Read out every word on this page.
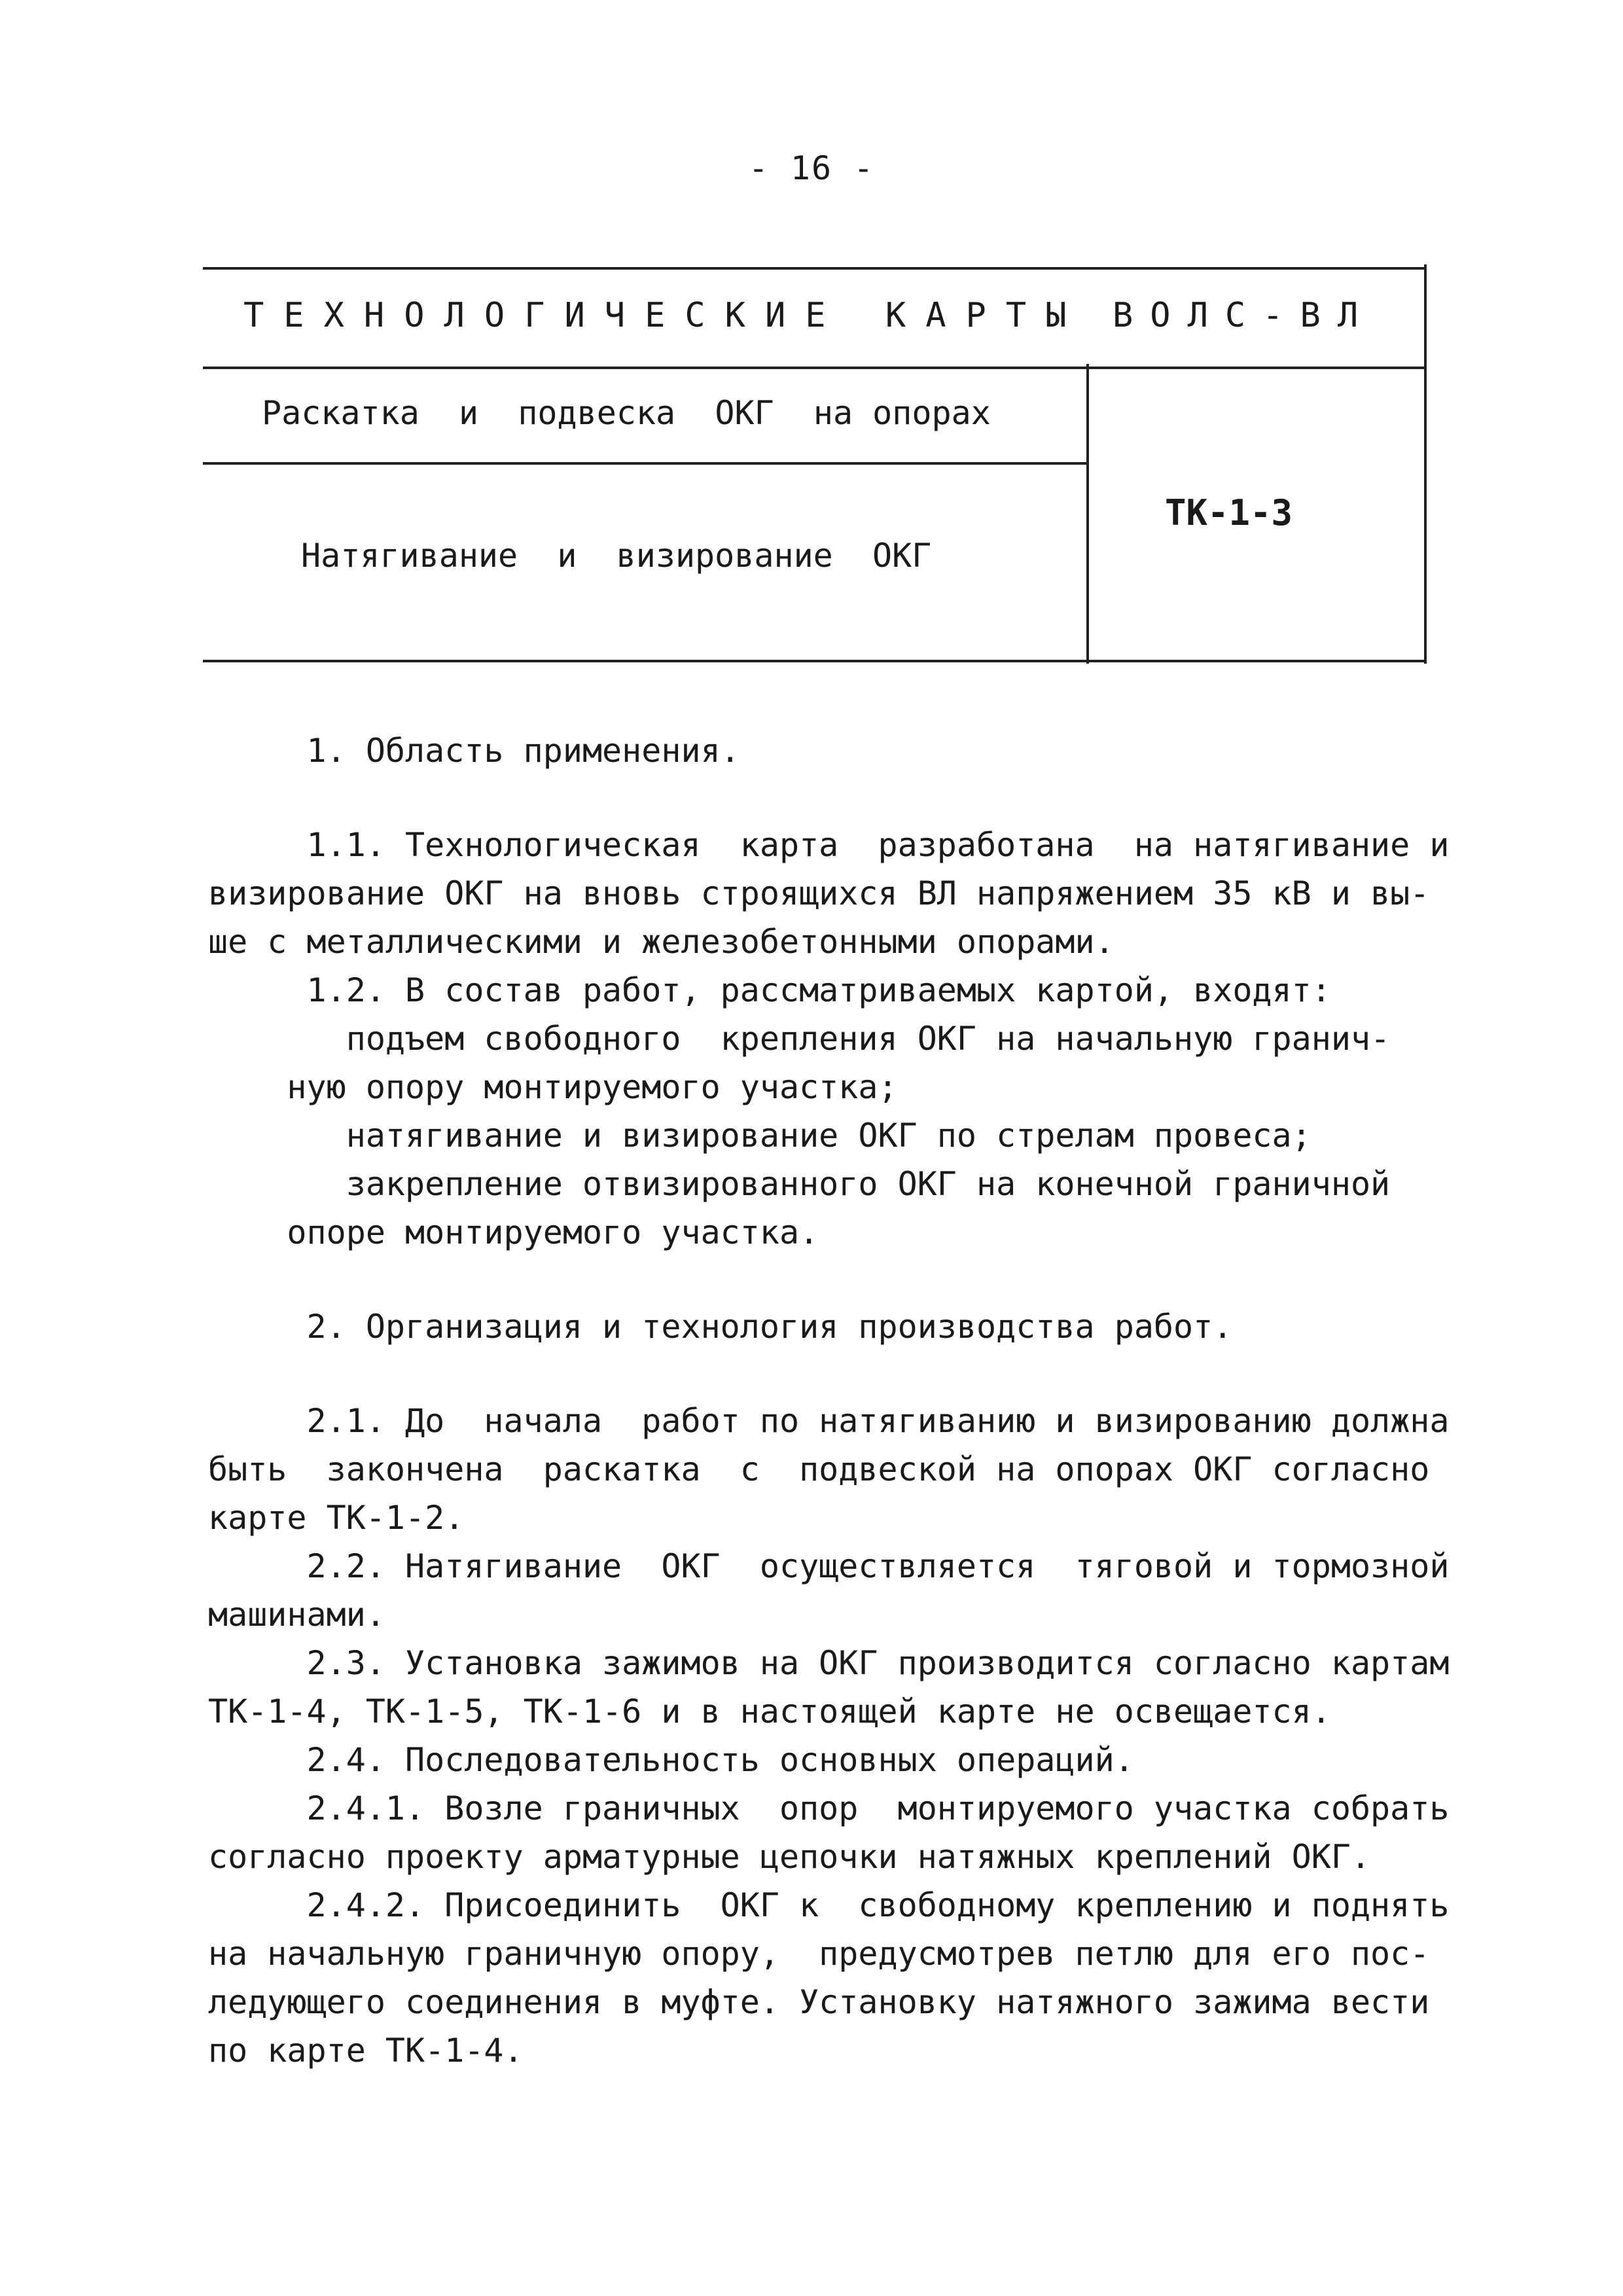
- 16 -
ТЕХНОЛОГИЧЕСКИЕ КАРТЫ ВОЛС-ВЛ
Раскатка  и  подвеска  ОКГ  на опорах
ТК-1-3
Натягивание  и  визирование  ОКГ
1. Область применения.
1.1. Технологическая  карта  разработана  на натягивание и
визирование ОКГ на вновь строящихся ВЛ напряжением 35 кВ и вы-
ше с металлическими и железобетонными опорами.
1.2. В состав работ, рассматриваемых картой, входят:
подъем свободного  крепления ОКГ на начальную гранич-
ную опору монтируемого участка;
натягивание и визирование ОКГ по стрелам провеса;
закрепление отвизированного ОКГ на конечной граничной
опоре монтируемого участка.
2. Организация и технология производства работ.
2.1. До  начала  работ по натягиванию и визированию должна
быть  закончена  раскатка  с  подвеской на опорах ОКГ согласно
карте ТК-1-2.
2.2. Натягивание  ОКГ  осуществляется  тяговой и тормозной
машинами.
2.3. Установка зажимов на ОКГ производится согласно картам
ТК-1-4, ТК-1-5, ТК-1-6 и в настоящей карте не освещается.
2.4. Последовательность основных операций.
2.4.1. Возле граничных  опор  монтируемого участка собрать
согласно проекту арматурные цепочки натяжных креплений ОКГ.
2.4.2. Присоединить  ОКГ к  свободному креплению и поднять
на начальную граничную опору,  предусмотрев петлю для его пос-
ледующего соединения в муфте. Установку натяжного зажима вести
по карте ТК-1-4.
